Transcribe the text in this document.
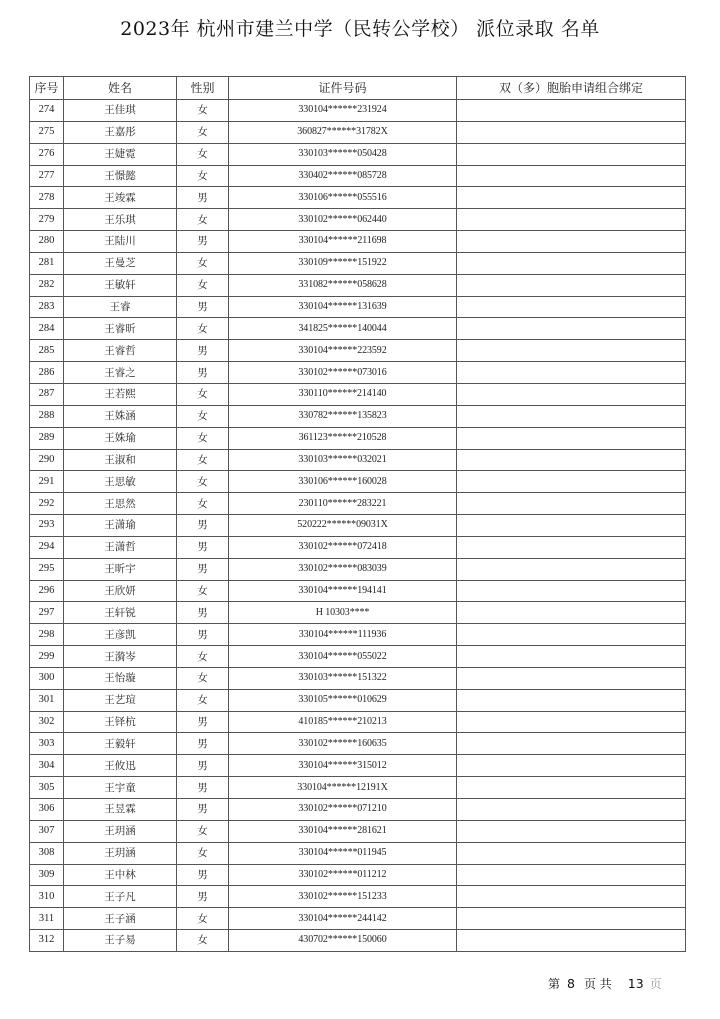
2023年 杭州市建兰中学（民转公学校） 派位录取 名单
序号	姓名	性别	证件号码	双（多）胞胎申请组合绑定
274	王佳琪	女	330104******231924	
275	王嘉彤	女	360827******31782X	
276	王婕霓	女	330103******050428	
277	王憬懿	女	330402******085728	
278	王竣霖	男	330106******055516	
279	王乐琪	女	330102******062440	
280	王陆川	男	330104******211698	
281	王曼芝	女	330109******151922	
282	王敏轩	女	331082******058628	
283	王睿	男	330104******131639	
284	王睿昕	女	341825******140044	
285	王睿哲	男	330104******223592	
286	王睿之	男	330102******073016	
287	王若熙	女	330110******214140	
288	王姝涵	女	330782******135823	
289	王姝瑜	女	361123******210528	
290	王淑和	女	330103******032021	
291	王思敏	女	330106******160028	
292	王思然	女	230110******283221	
293	王潇瑜	男	520222******09031X	
294	王潇哲	男	330102******072418	
295	王昕宇	男	330102******083039	
296	王欣妍	女	330104******194141	
297	王轩锐	男	H 10303****	
298	王彦凯	男	330104******111936	
299	王漪岑	女	330104******055022	
300	王怡璇	女	330103******151322	
301	王艺瑄	女	330105******010629	
302	王铎杭	男	410185******210213	
303	王毅轩	男	330102******160635	
304	王攸迅	男	330104******315012	
305	王宇童	男	330104******12191X	
306	王昱霖	男	330102******071210	
307	王玥涵	女	330104******281621	
308	王玥涵	女	330104******011945	
309	王中林	男	330102******011212	
310	王子凡	男	330102******151233	
311	王子涵	女	330104******244142	
312	王子易	女	430702******150060	
第 8 页 共 13 页
